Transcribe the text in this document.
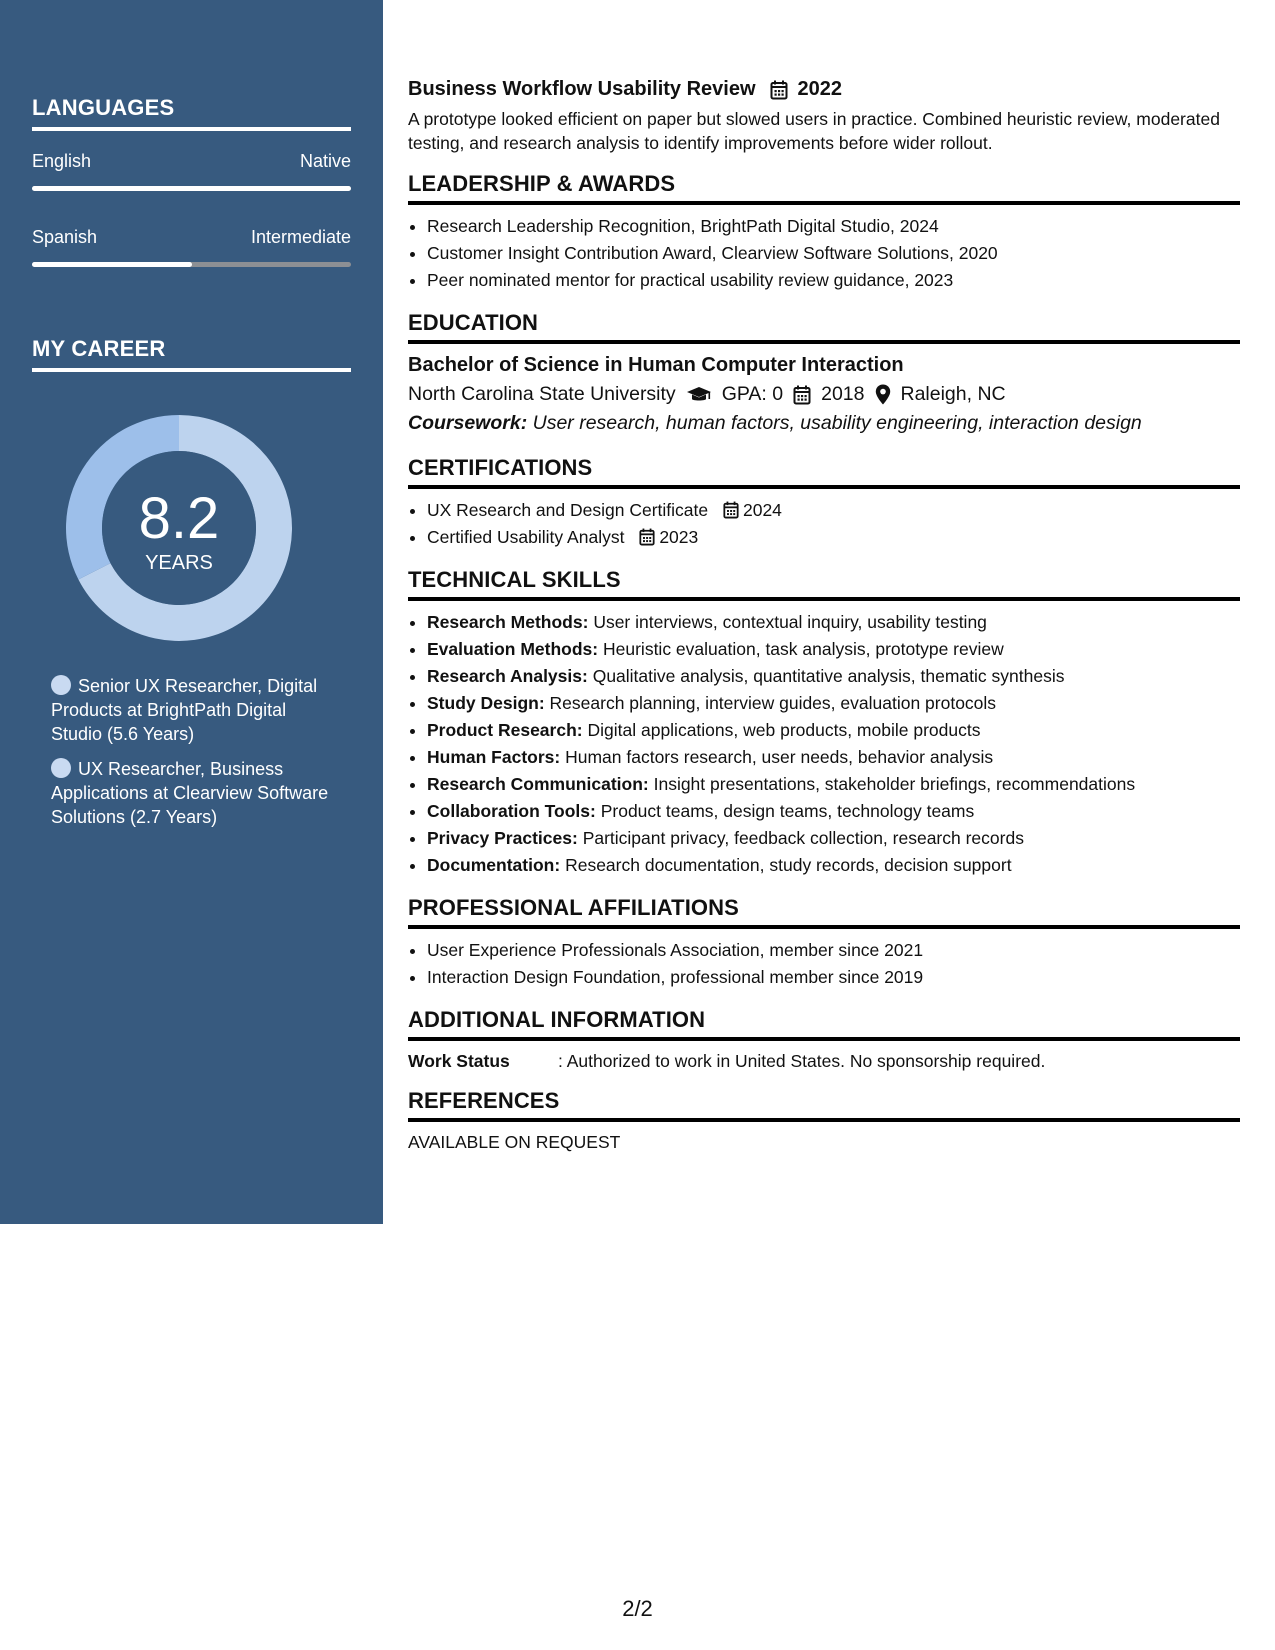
LANGUAGES
English	Native
Spanish	Intermediate
MY CAREER
8.2
YEARS
Senior UX Researcher, Digital Products at BrightPath Digital Studio (5.6 Years)
UX Researcher, Business Applications at Clearview Software Solutions (2.7 Years)
Business Workflow Usability Review 2022
A prototype looked efficient on paper but slowed users in practice. Combined heuristic review, moderated testing, and research analysis to identify improvements before wider rollout.
LEADERSHIP & AWARDS
• Research Leadership Recognition, BrightPath Digital Studio, 2024
• Customer Insight Contribution Award, Clearview Software Solutions, 2020
• Peer nominated mentor for practical usability review guidance, 2023
EDUCATION
Bachelor of Science in Human Computer Interaction
North Carolina State University GPA: 0 2018 Raleigh, NC
Coursework: User research, human factors, usability engineering, interaction design
CERTIFICATIONS
• UX Research and Design Certificate 2024
• Certified Usability Analyst 2023
TECHNICAL SKILLS
• Research Methods: User interviews, contextual inquiry, usability testing
• Evaluation Methods: Heuristic evaluation, task analysis, prototype review
• Research Analysis: Qualitative analysis, quantitative analysis, thematic synthesis
• Study Design: Research planning, interview guides, evaluation protocols
• Product Research: Digital applications, web products, mobile products
• Human Factors: Human factors research, user needs, behavior analysis
• Research Communication: Insight presentations, stakeholder briefings, recommendations
• Collaboration Tools: Product teams, design teams, technology teams
• Privacy Practices: Participant privacy, feedback collection, research records
• Documentation: Research documentation, study records, decision support
PROFESSIONAL AFFILIATIONS
• User Experience Professionals Association, member since 2021
• Interaction Design Foundation, professional member since 2019
ADDITIONAL INFORMATION
Work Status	: Authorized to work in United States. No sponsorship required.
REFERENCES
AVAILABLE ON REQUEST
2/2
